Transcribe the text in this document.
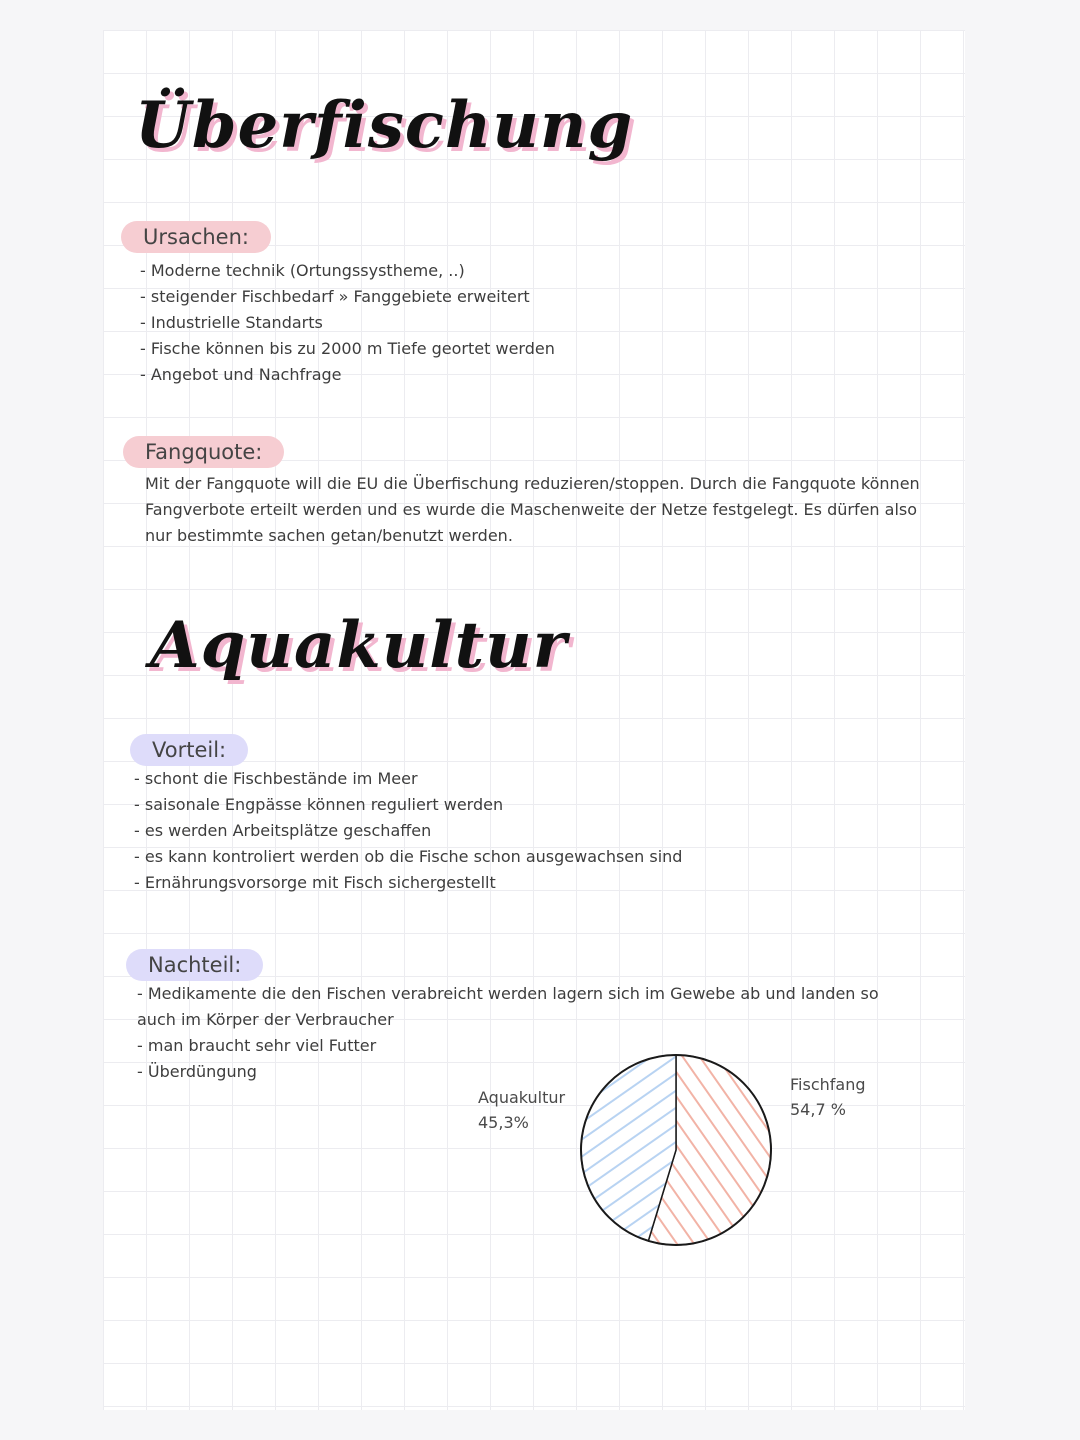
Überfischung
Ursachen:
- Moderne technik (Ortungssystheme, ..)
- steigender Fischbedarf » Fanggebiete erweitert
- Industrielle Standarts
- Fische können bis zu 2000 m Tiefe geortet werden
- Angebot und Nachfrage
Fangquote:

Mit der Fangquote will die EU die Überfischung reduzieren/stoppen. Durch die Fangquote können Fangverbote erteilt werden und es wurde die Maschenweite der Netze festgelegt. Es dürfen also nur bestimmte sachen getan/benutzt werden.

Aquakultur
Vorteil:
- schont die Fischbestände im Meer
- saisonale Engpässe können reguliert werden
- es werden Arbeitsplätze geschaffen
- es kann kontroliert werden ob die Fische schon ausgewachsen sind
- Ernährungsvorsorge mit Fisch sichergestellt
Nachteil:
- Medikamente die den Fischen verabreicht werden lagern sich im Gewebe ab und landen so auch im Körper der Verbraucher
- man braucht sehr viel Futter
- Überdüngung
Aquakultur
45,3%
Fischfang
54,7 %
